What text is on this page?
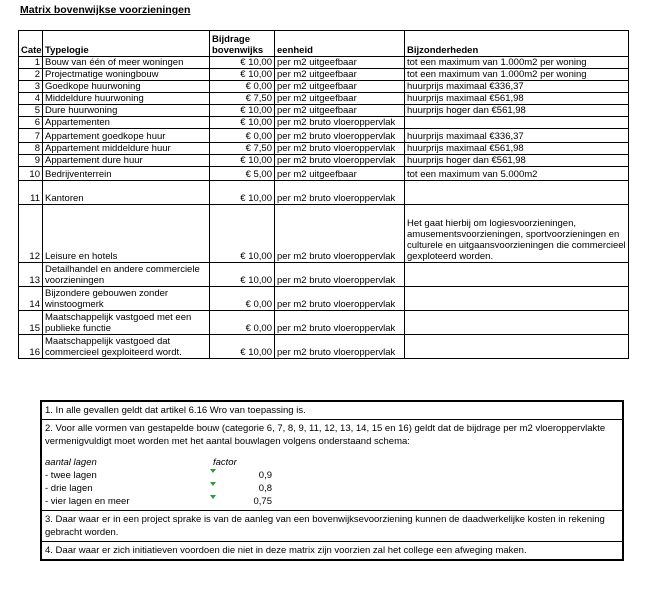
Matrix bovenwijkse voorzieningen
Cate	Typelogie	Bijdrage bovenwijks	eenheid	Bijzonderheden
1	Bouw van één of meer woningen	€ 10,00	per m2 uitgeefbaar	tot een maximum van 1.000m2 per woning
2	Projectmatige woningbouw	€ 10,00	per m2 uitgeefbaar	tot een maximum van 1.000m2 per woning
3	Goedkope huurwoning	€ 0,00	per m2 uitgeefbaar	huurprijs maximaal €336,37
4	Middeldure huurwoning	€ 7,50	per m2 uitgeefbaar	huurprijs maximaal €561,98
5	Dure huurwoning	€ 10,00	per m2 uitgeefbaar	huurprijs hoger dan €561,98
6	Appartementen	€ 10,00	per m2 bruto vloeroppervlak	
7	Appartement goedkope huur	€ 0,00	per m2 bruto vloeroppervlak	huurprijs maximaal €336,37
8	Appartement middeldure huur	€ 7,50	per m2 bruto vloeroppervlak	huurprijs maximaal €561,98
9	Appartement dure huur	€ 10,00	per m2 bruto vloeroppervlak	huurprijs hoger dan €561,98
10	Bedrijventerrein	€ 5,00	per m2 uitgeefbaar	tot een maximum van 5.000m2
11	Kantoren	€ 10,00	per m2 bruto vloeroppervlak	
12	Leisure en hotels	€ 10,00	per m2 bruto vloeroppervlak	Het gaat hierbij om logiesvoorzieningen, amusementsvoorzieningen, sportvoorzieningen en culturele en uitgaansvoorzieningen die commercieel gexploteerd worden.
13	Detailhandel en andere commerciele voorzieningen	€ 10,00	per m2 bruto vloeroppervlak	
14	Bijzondere gebouwen zonder winstoogmerk	€ 0,00	per m2 bruto vloeroppervlak	
15	Maatschappelijk vastgoed met een publieke functie	€ 0,00	per m2 bruto vloeroppervlak	
16	Maatschappelijk vastgoed dat commercieel gexploiteerd wordt.	€ 10,00	per m2 bruto vloeroppervlak	
1. In alle gevallen geldt dat artikel 6.16 Wro van toepassing is.
2. Voor alle vormen van gestapelde bouw (categorie 6, 7, 8, 9, 11, 12, 13, 14, 15 en 16) geldt dat de bijdrage per m2 vloeroppervlakte vermenigvuldigt moet worden met het aantal bouwlagen volgens onderstaand schema:
aantal lagen	factor
- twee lagen	0,9
- drie lagen	0,8
- vier lagen en meer	0,75
3. Daar waar er in een project sprake is van de aanleg van een bovenwijksevoorziening kunnen de daadwerkelijke kosten in rekening gebracht worden.
4. Daar waar er zich initiatieven voordoen die niet in deze matrix zijn voorzien zal het college een afweging maken.
